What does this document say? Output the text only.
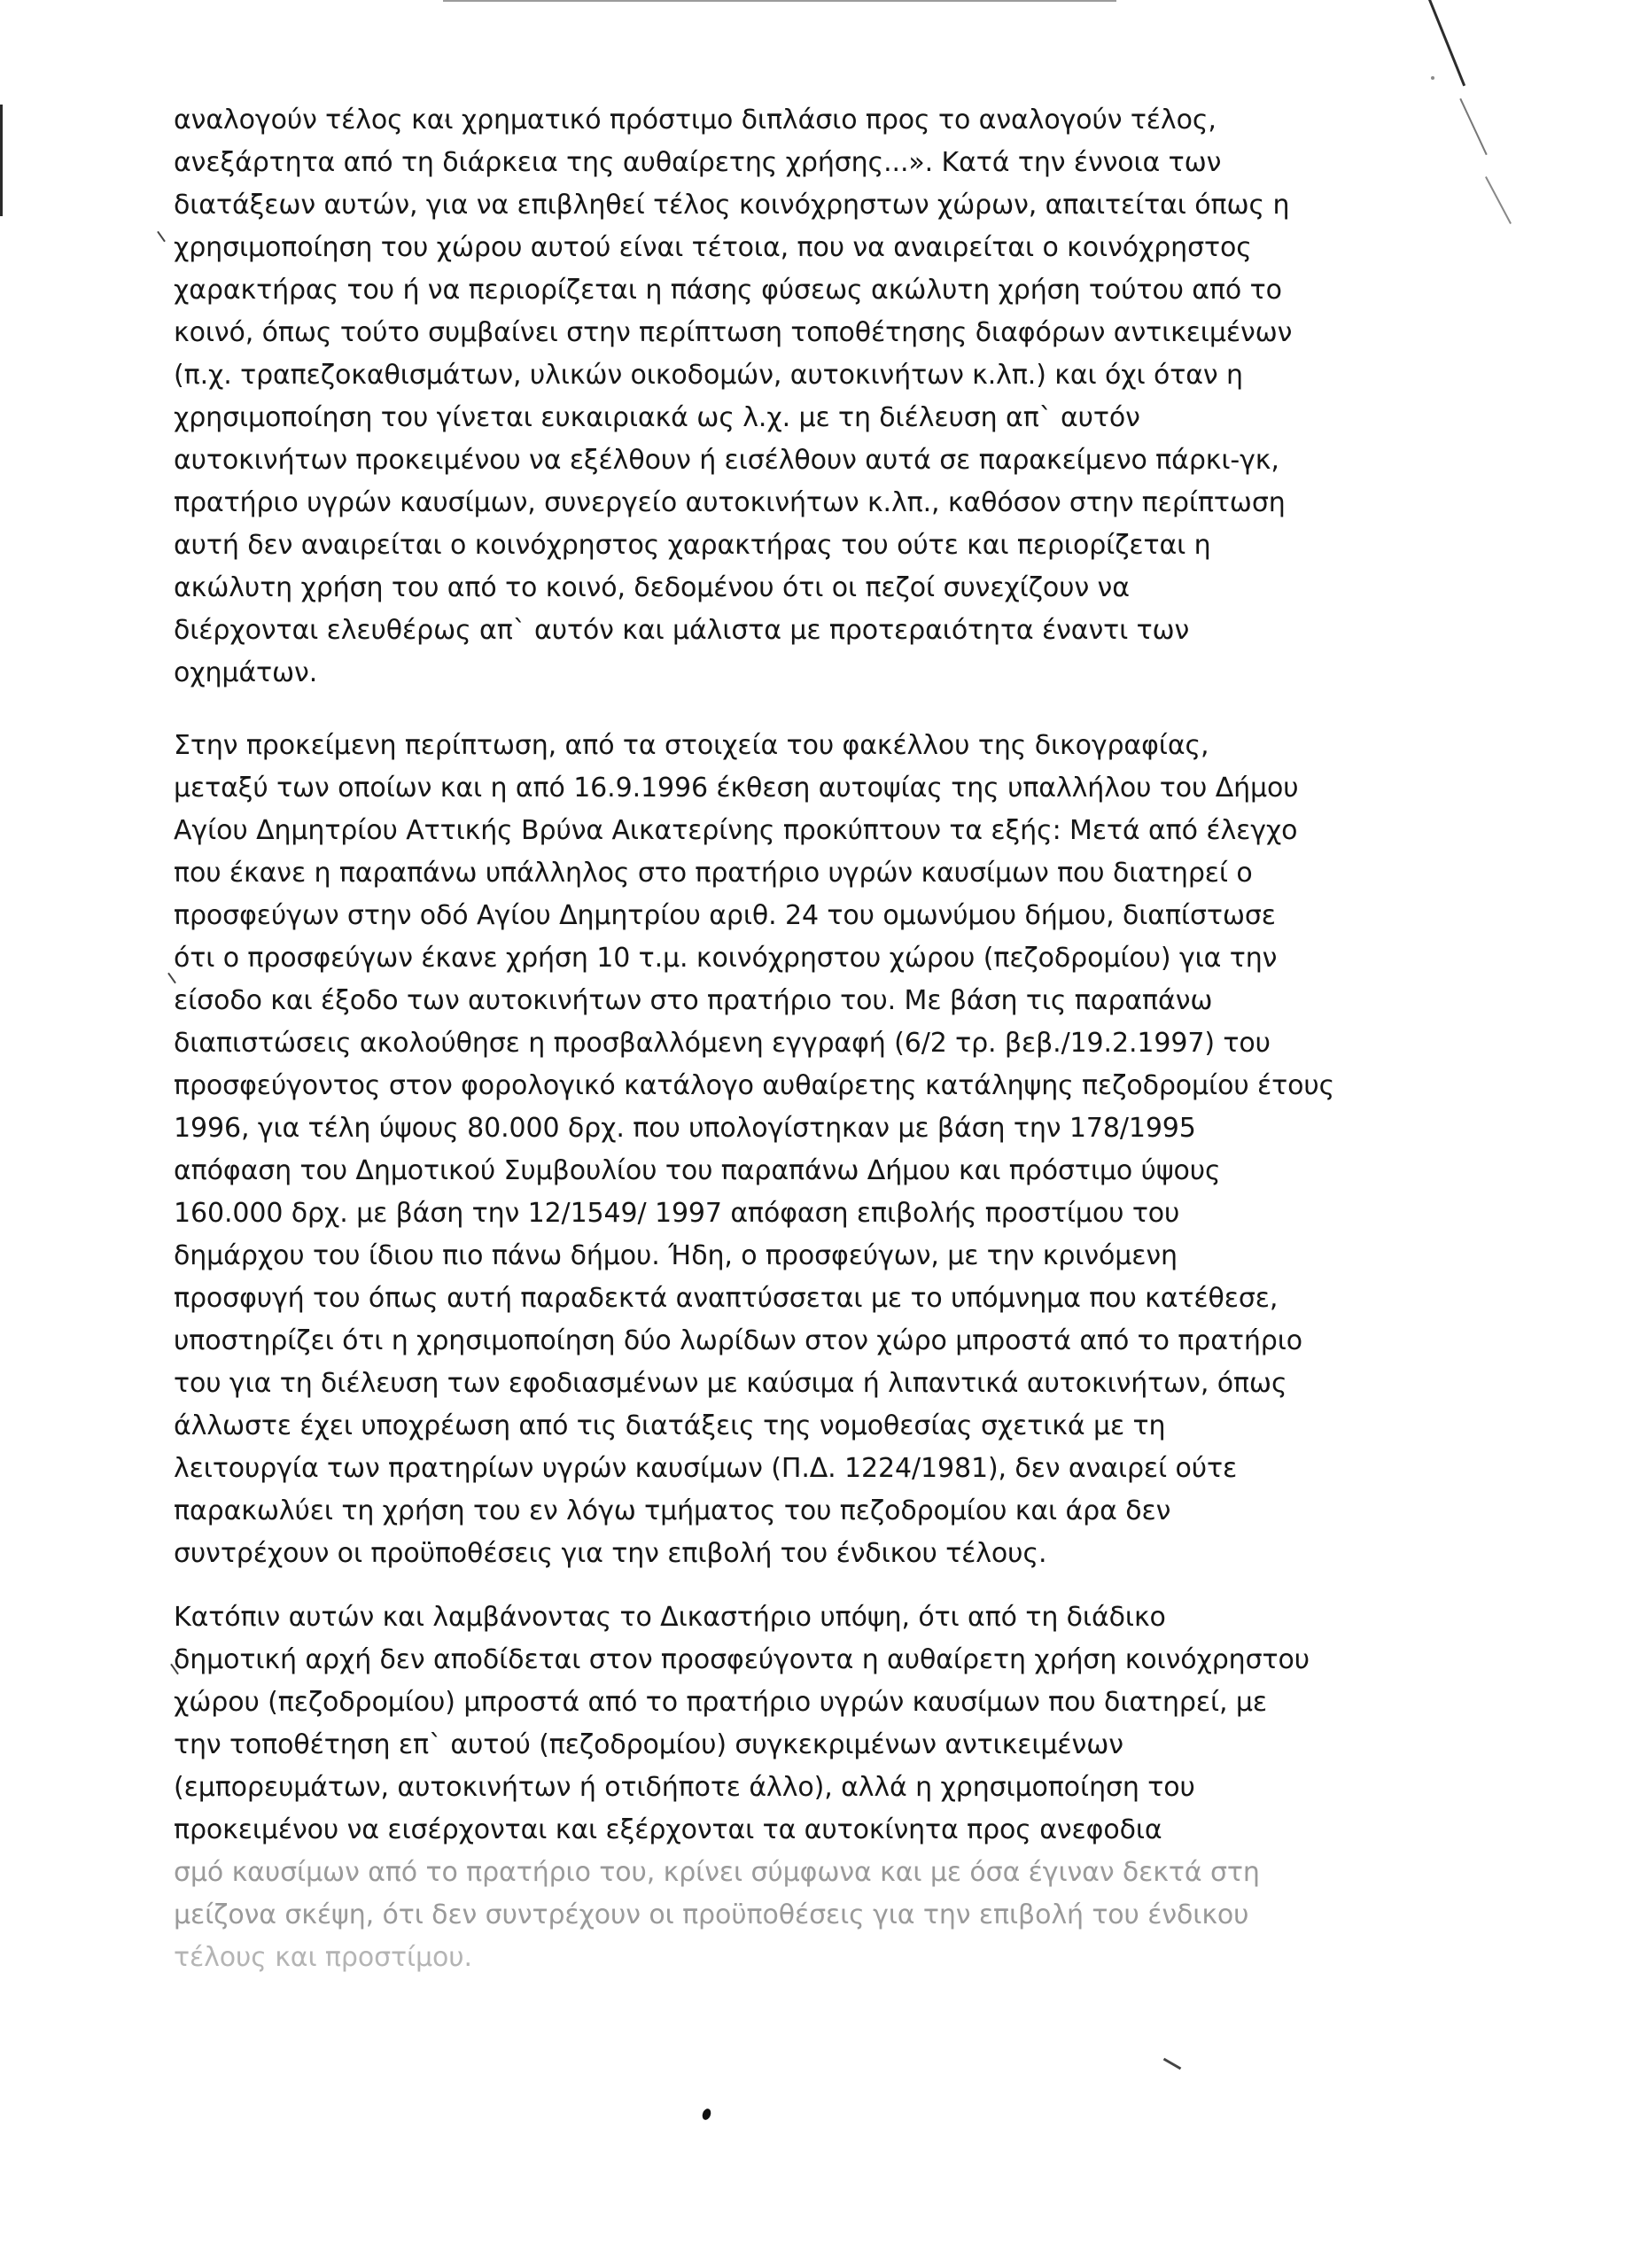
αναλογούν τέλος και χρηματικό πρόστιμο διπλάσιο προς το αναλογούν τέλος,
ανεξάρτητα από τη διάρκεια της αυθαίρετης χρήσης...». Κατά την έννοια των
διατάξεων αυτών, για να επιβληθεί τέλος κοινόχρηστων χώρων, απαιτείται όπως η
χρησιμοποίηση του χώρου αυτού είναι τέτοια, που να αναιρείται ο κοινόχρηστος
χαρακτήρας του ή να περιορίζεται η πάσης φύσεως ακώλυτη χρήση τούτου από το
κοινό, όπως τούτο συμβαίνει στην περίπτωση τοποθέτησης διαφόρων αντικειμένων
(π.χ. τραπεζοκαθισμάτων, υλικών οικοδομών, αυτοκινήτων κ.λπ.) και όχι όταν η
χρησιμοποίηση του γίνεται ευκαιριακά ως λ.χ. με τη διέλευση απ` αυτόν
αυτοκινήτων προκειμένου να εξέλθουν ή εισέλθουν αυτά σε παρακείμενο πάρκι-γκ,
πρατήριο υγρών καυσίμων, συνεργείο αυτοκινήτων κ.λπ., καθόσον στην περίπτωση
αυτή δεν αναιρείται ο κοινόχρηστος χαρακτήρας του ούτε και περιορίζεται η
ακώλυτη χρήση του από το κοινό, δεδομένου ότι οι πεζοί συνεχίζουν να
διέρχονται ελευθέρως απ` αυτόν και μάλιστα με προτεραιότητα έναντι των
οχημάτων.
Στην προκείμενη περίπτωση, από τα στοιχεία του φακέλλου της δικογραφίας,
μεταξύ των οποίων και η από 16.9.1996 έκθεση αυτοψίας της υπαλλήλου του Δήμου
Αγίου Δημητρίου Αττικής Βρύνα Αικατερίνης προκύπτουν τα εξής: Μετά από έλεγχο
που έκανε η παραπάνω υπάλληλος στο πρατήριο υγρών καυσίμων που διατηρεί ο
προσφεύγων στην οδό Αγίου Δημητρίου αριθ. 24 του ομωνύμου δήμου, διαπίστωσε
ότι ο προσφεύγων έκανε χρήση 10 τ.μ. κοινόχρηστου χώρου (πεζοδρομίου) για την
είσοδο και έξοδο των αυτοκινήτων στο πρατήριο του. Με βάση τις παραπάνω
διαπιστώσεις ακολούθησε η προσβαλλόμενη εγγραφή (6/2 τρ. βεβ./19.2.1997) του
προσφεύγοντος στον φορολογικό κατάλογο αυθαίρετης κατάληψης πεζοδρομίου έτους
1996, για τέλη ύψους 80.000 δρχ. που υπολογίστηκαν με βάση την 178/1995
απόφαση του Δημοτικού Συμβουλίου του παραπάνω Δήμου και πρόστιμο ύψους
160.000 δρχ. με βάση την 12/1549/ 1997 απόφαση επιβολής προστίμου του
δημάρχου του ίδιου πιο πάνω δήμου. Ήδη, ο προσφεύγων, με την κρινόμενη
προσφυγή του όπως αυτή παραδεκτά αναπτύσσεται με το υπόμνημα που κατέθεσε,
υποστηρίζει ότι η χρησιμοποίηση δύο λωρίδων στον χώρο μπροστά από το πρατήριο
του για τη διέλευση των εφοδιασμένων με καύσιμα ή λιπαντικά αυτοκινήτων, όπως
άλλωστε έχει υποχρέωση από τις διατάξεις της νομοθεσίας σχετικά με τη
λειτουργία των πρατηρίων υγρών καυσίμων (Π.Δ. 1224/1981), δεν αναιρεί ούτε
παρακωλύει τη χρήση του εν λόγω τμήματος του πεζοδρομίου και άρα δεν
συντρέχουν οι προϋποθέσεις για την επιβολή του ένδικου τέλους.
Κατόπιν αυτών και λαμβάνοντας το Δικαστήριο υπόψη, ότι από τη διάδικο
δημοτική αρχή δεν αποδίδεται στον προσφεύγοντα η αυθαίρετη χρήση κοινόχρηστου
χώρου (πεζοδρομίου) μπροστά από το πρατήριο υγρών καυσίμων που διατηρεί, με
την τοποθέτηση επ` αυτού (πεζοδρομίου) συγκεκριμένων αντικειμένων
(εμπορευμάτων, αυτοκινήτων ή οτιδήποτε άλλο), αλλά η χρησιμοποίηση του
προκειμένου να εισέρχονται και εξέρχονται τα αυτοκίνητα προς ανεφοδια
σμό καυσίμων από το πρατήριο του, κρίνει σύμφωνα και με όσα έγιναν δεκτά στη
μείζονα σκέψη, ότι δεν συντρέχουν οι προϋποθέσεις για την επιβολή του ένδικου
τέλους και προστίμου.
